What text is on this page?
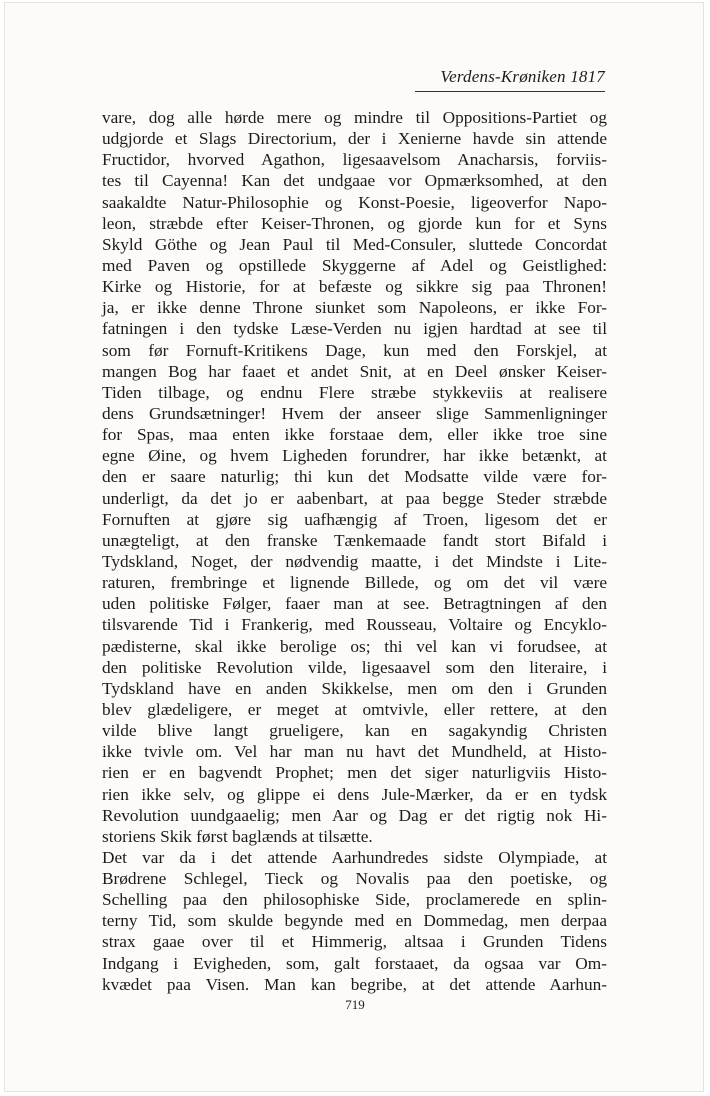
Verdens-Krøniken 1817
vare, dog alle hørde mere og mindre til Oppositions-Partiet og
udgjorde et Slags Directorium, der i Xenierne havde sin attende
Fructidor, hvorved Agathon, ligesaavelsom Anacharsis, forviis-
tes til Cayenna! Kan det undgaae vor Opmærksomhed, at den
saakaldte Natur-Philosophie og Konst-Poesie, ligeoverfor Napo-
leon, stræbde efter Keiser-Thronen, og gjorde kun for et Syns
Skyld Göthe og Jean Paul til Med-Consuler, sluttede Concordat
med Paven og opstillede Skyggerne af Adel og Geistlighed:
Kirke og Historie, for at befæste og sikkre sig paa Thronen!
ja, er ikke denne Throne siunket som Napoleons, er ikke For-
fatningen i den tydske Læse-Verden nu igjen hardtad at see til
som før Fornuft-Kritikens Dage, kun med den Forskjel, at
mangen Bog har faaet et andet Snit, at en Deel ønsker Keiser-
Tiden tilbage, og endnu Flere stræbe stykkeviis at realisere
dens Grundsætninger! Hvem der anseer slige Sammenligninger
for Spas, maa enten ikke forstaae dem, eller ikke troe sine
egne Øine, og hvem Ligheden forundrer, har ikke betænkt, at
den er saare naturlig; thi kun det Modsatte vilde være for-
underligt, da det jo er aabenbart, at paa begge Steder stræbde
Fornuften at gjøre sig uafhængig af Troen, ligesom det er
unægteligt, at den franske Tænkemaade fandt stort Bifald i
Tydskland, Noget, der nødvendig maatte, i det Mindste i Lite-
raturen, frembringe et lignende Billede, og om det vil være
uden politiske Følger, faaer man at see. Betragtningen af den
tilsvarende Tid i Frankerig, med Rousseau, Voltaire og Encyklo-
pædisterne, skal ikke berolige os; thi vel kan vi forudsee, at
den politiske Revolution vilde, ligesaavel som den literaire, i
Tydskland have en anden Skikkelse, men om den i Grunden
blev glædeligere, er meget at omtvivle, eller rettere, at den
vilde blive langt grueligere, kan en sagakyndig Christen
ikke tvivle om. Vel har man nu havt det Mundheld, at Histo-
rien er en bagvendt Prophet; men det siger naturligviis Histo-
rien ikke selv, og glippe ei dens Jule-Mærker, da er en tydsk
Revolution uundgaaelig; men Aar og Dag er det rigtig nok Hi-
storiens Skik først baglænds at tilsætte.
Det var da i det attende Aarhundredes sidste Olympiade, at
Brødrene Schlegel, Tieck og Novalis paa den poetiske, og
Schelling paa den philosophiske Side, proclamerede en splin-
terny Tid, som skulde begynde med en Dommedag, men derpaa
strax gaae over til et Himmerig, altsaa i Grunden Tidens
Indgang i Evigheden, som, galt forstaaet, da ogsaa var Om-
kvædet paa Visen. Man kan begribe, at det attende Aarhun-
719
